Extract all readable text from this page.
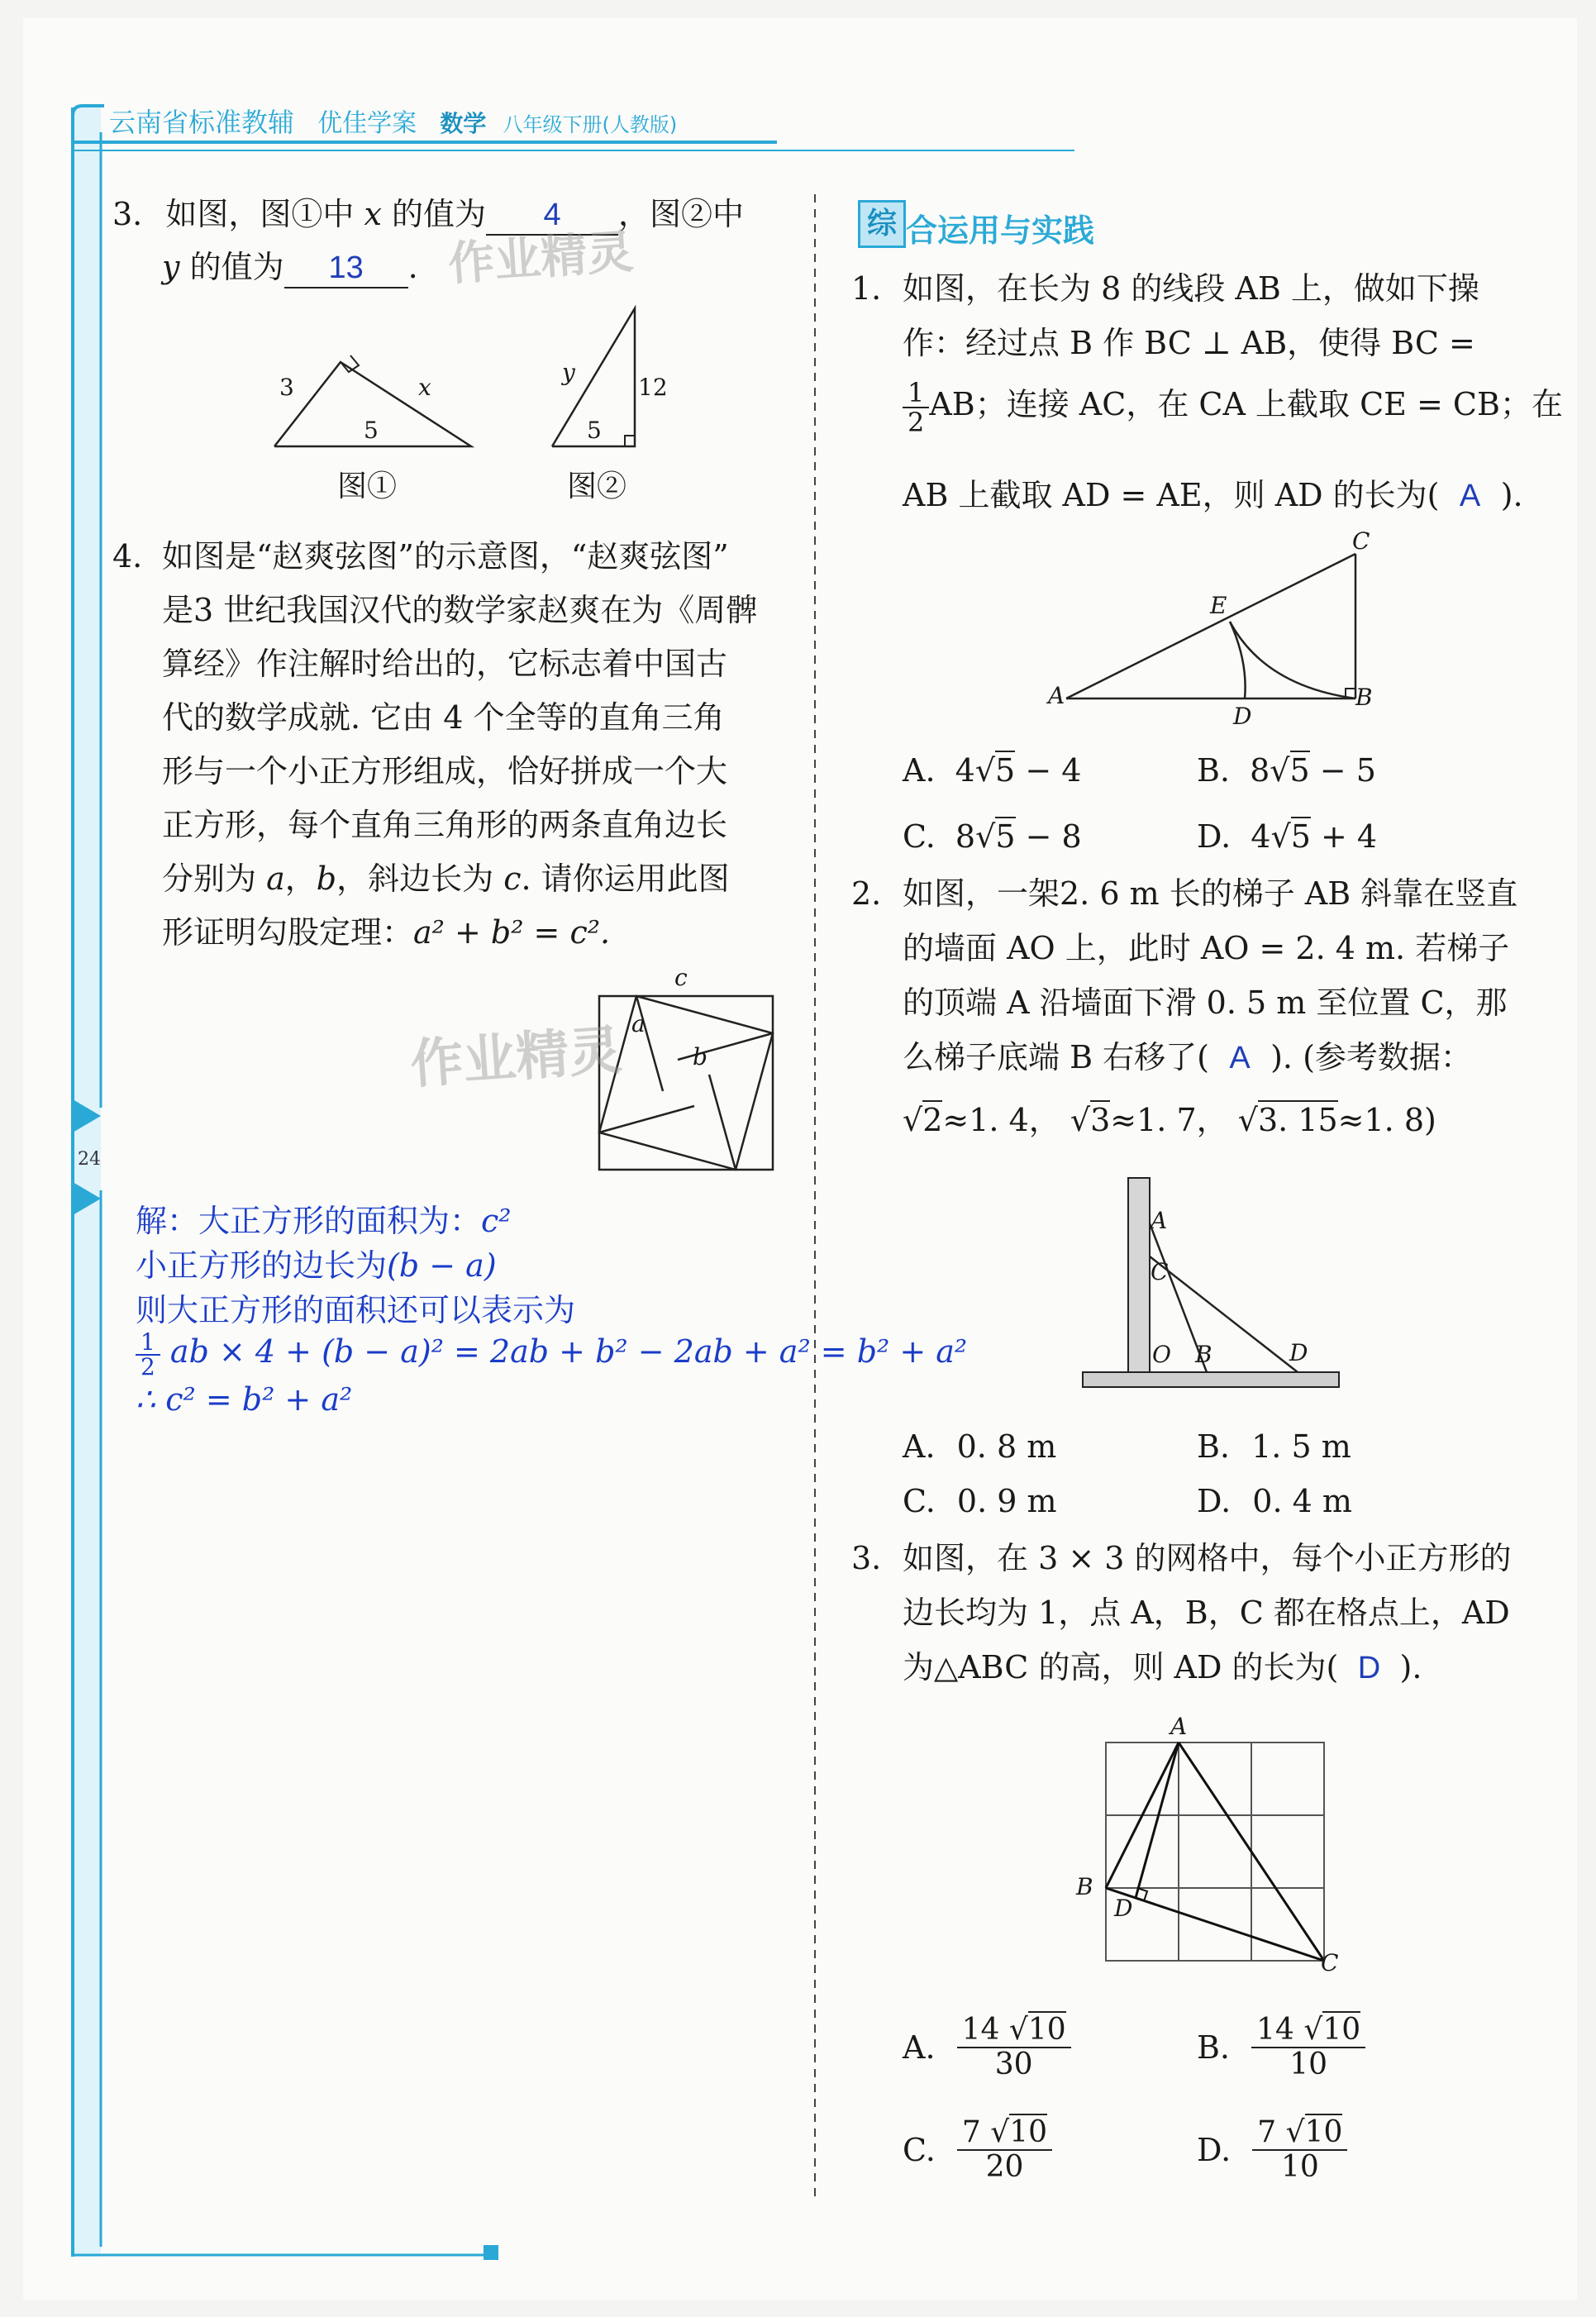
云南省标准教辅 优佳学案 数学 八年级下册(人教版)
24
3. 如图，图①中 x 的值为 4 ，图②中
y 的值为 13 . 作业精灵
3	x
5
图①
y
12
5
图②
4. 如图是“赵爽弦图”的示意图，“赵爽弦图”
是3 世纪我国汉代的数学家赵爽在为《周髀
算经》作注解时给出的，它标志着中国古
代的数学成就. 它由 4 个全等的直角三角
形与一个小正方形组成，恰好拼成一个大
正方形，每个直角三角形的两条直角边长
分别为 a，b，斜边长为 c. 请你运用此图
形证明勾股定理：a² + b² = c².
c
a
b
作业精灵
解：大正方形的面积为：c²
小正方形的边长为(b − a)
则大正方形的面积还可以表示为
$\frac{1}{2}$ ab × 4 + (b − a)² = 2ab + b² − 2ab + a² = b² + a²
∴ c² = b² + a²
综 合运用与实践
1. 如图，在长为 8 的线段 AB 上，做如下操
作：经过点 B 作 BC ⊥ AB，使得 BC =
$\frac{1}{2}$ AB；连接 AC，在 CA 上截取 CE = CB；在
AB 上截取 AD = AE，则 AD 的长为( A ).
A	B
C
D
E
A. 4√5 − 4	B. 8√5 − 5
C. 8√5 − 8	D. 4√5 + 4
2. 如图，一架2. 6 m 长的梯子 AB 斜靠在竖直
的墙面 AO 上，此时 AO = 2. 4 m. 若梯子
的顶端 A 沿墙面下滑 0. 5 m 至位置 C，那
么梯子底端 B 右移了( A ). (参考数据：
√2≈1. 4， √3≈1. 7， √3. 15≈1. 8)
A
C
O B	D
A. 0. 8 m	B. 1. 5 m
C. 0. 9 m	D. 0. 4 m
3. 如图，在 3 × 3 的网格中，每个小正方形的
边长均为 1，点 A，B，C 都在格点上，AD
为△ABC 的高，则 AD 的长为( D ).
A
B
D
C
A. $\frac{14 √10}{30}$	B. $\frac{14 √10}{10}$
C. $\frac{7 √10}{20}$	D. $\frac{7 √10}{10}$
